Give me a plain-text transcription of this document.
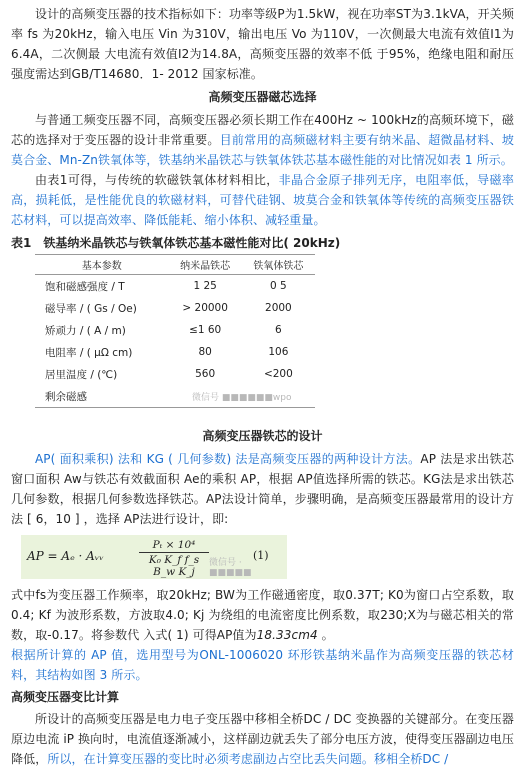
设计的高频变压器的技术指标如下：功率等级P为1.5kW，视在功率ST为3.1kVA，开关频率 fs 为20kHz，输入电压 Vin 为310V，输出电压 Vo 为110V，一次侧最大电流有效值I1为6.4A，二次侧最 大电流有效值I2为14.8A，高频变压器的效率不低 于95%，绝缘电阻和耐压强度需达到GB/T14680．1- 2012 国家标准。

高频变压器磁芯选择

与普通工频变压器不同，高频变压器必须长期工作在400Hz ~ 100kHz的高频环境下，磁芯的选择对于变压器的设计非常重要。目前常用的高频磁材料主要有纳米晶、超微晶材料、坡莫合金、Mn-Zn铁氧体等，铁基纳米晶铁芯与铁氧体铁芯基本磁性能的对比情况如表 1 所示。

由表1可得，与传统的软磁铁氧体材料相比，非晶合金原子排列无序，电阻率低，导磁率高，损耗低，是性能优良的软磁材料，可替代硅钢、坡莫合金和铁氧体等传统的高频变压器铁芯材料，可以提高效率、降低能耗、缩小体积、减轻重量。

表1　铁基纳米晶铁芯与铁氧体铁芯基本磁性能对比( 20kHz)
基本参数	纳米晶铁芯	铁氧体铁芯
饱和磁感强度 / T	1 25	0 5
磁导率 / ( Gs / Oe)	> 20000	2000
矫顽力 / ( A / m)	≤1 60	6
电阻率 / ( μΩ cm)	80	106
居里温度 / (℃)	560	<200
剩余磁感	微信号 ■■■■■■wpo	
高频变压器铁芯的设计

AP( 面积乘积) 法和 KG ( 几何参数) 法是高频变压器的两种设计方法。AP 法是求出铁芯窗口面积 Aw与铁芯有效截面积 Ae的乘积 AP，根据 AP值选择所需的铁芯。KG法是求出铁芯几何参数，根据几何参数选择铁芯。AP法设计简单，步骤明确，是高频变压器最常用的设计方法 [ 6，10 ] ，选择 AP法进行设计，即:

AP = Aₑ · Aᵥᵥ	$\frac{\text{Pₜ × 10⁴}}{\text{K₀ K\_f f\_s B\_w K\_j}}$ 微信号 · ■■■■■
(1)

式中fs为变压器工作频率，取20kHz; BW为工作磁通密度，取0.37T; K0为窗口占空系数，取0.4; Kf 为波形系数，方波取4.0; Kj 为绕组的电流密度比例系数，取230;X为与磁芯相关的常数，取-0.17。将参数代 入式( 1) 可得AP值为18.33cm4 。

根据所计算的 AP 值，选用型号为ONL-1006020 环形铁基纳米晶作为高频变压器的铁芯材料，其结构如图 3 所示。

高频变压器变比计算

所设计的高频变压器是电力电子变压器中移相全桥DC / DC 变换器的关键部分。在变压器原边电流 iP 换向时，电流值逐渐减小，这样副边就丢失了部分电压方波，使得变压器副边电压降低，所以，在计算变压器的变比时必须考虑副边占空比丢失问题。移相全桥DC /
